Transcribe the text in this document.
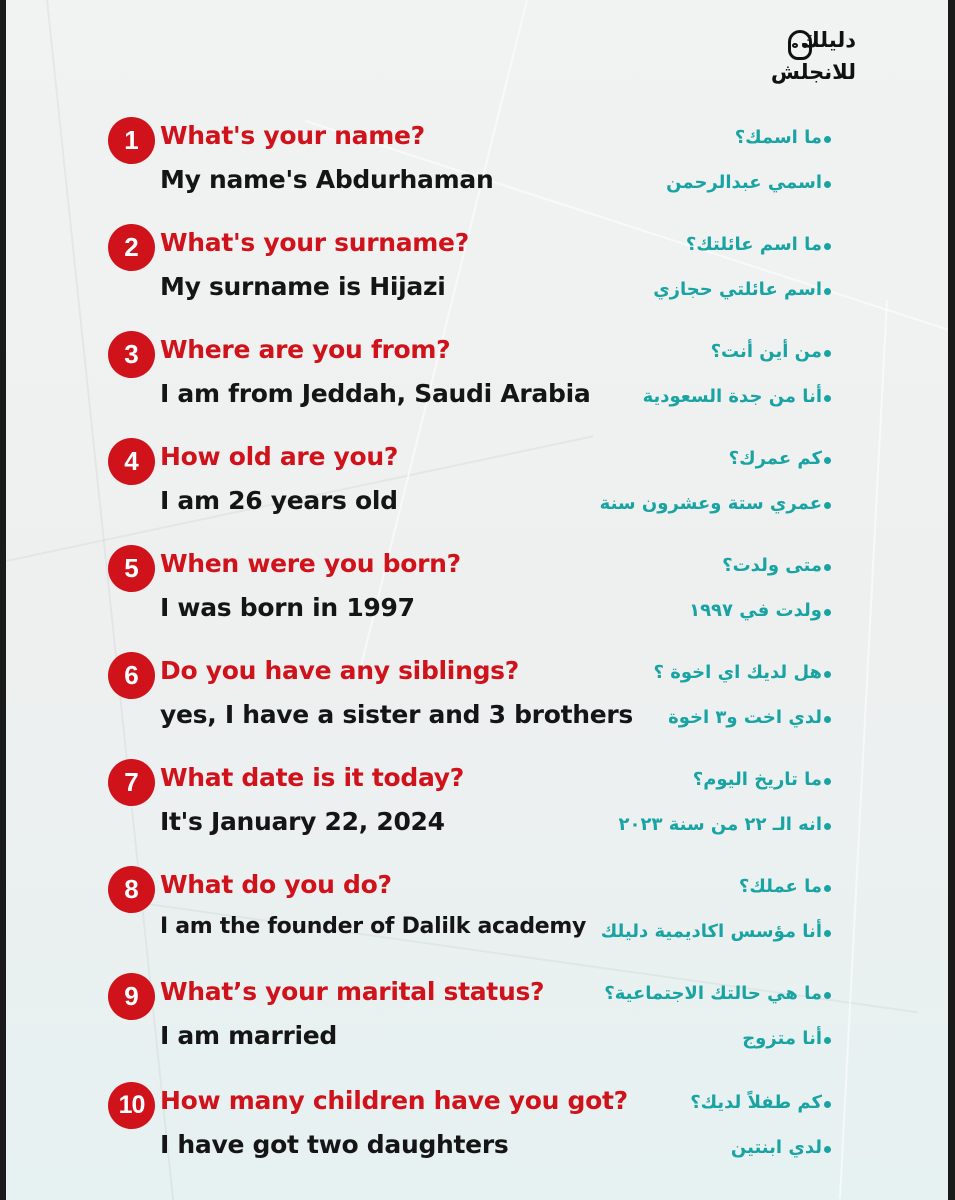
دليلك
للانجلش
1 What's your name?
My name's Abdurhaman
ما اسمك؟
اسمي عبدالرحمن
2 What's your surname?
My surname is Hijazi
ما اسم عائلتك؟
اسم عائلتي حجازي
3 Where are you from?
I am from Jeddah, Saudi Arabia
من أين أنت؟
أنا من جدة السعودية
4 How old are you?
I am 26 years old
كم عمرك؟
عمري ستة وعشرون سنة
5 When were you born?
I was born in 1997
متى ولدت؟
ولدت في ١٩٩٧
6 Do you have any siblings?
yes, I have a sister and 3 brothers
هل لديك اي اخوة ؟
لدي اخت و٣ اخوة
7 What date is it today?
It's January 22, 2024
ما تاريخ اليوم؟
انه الـ ٢٢ من سنة ٢٠٢٣
8 What do you do?
I am the founder of Dalilk academy
ما عملك؟
أنا مؤسس اكاديمية دليلك
9 What’s your marital status?
I am married
ما هي حالتك الاجتماعية؟
أنا متزوج
10 How many children have you got?
I have got two daughters
كم طفلاً لديك؟
لدي ابنتين
